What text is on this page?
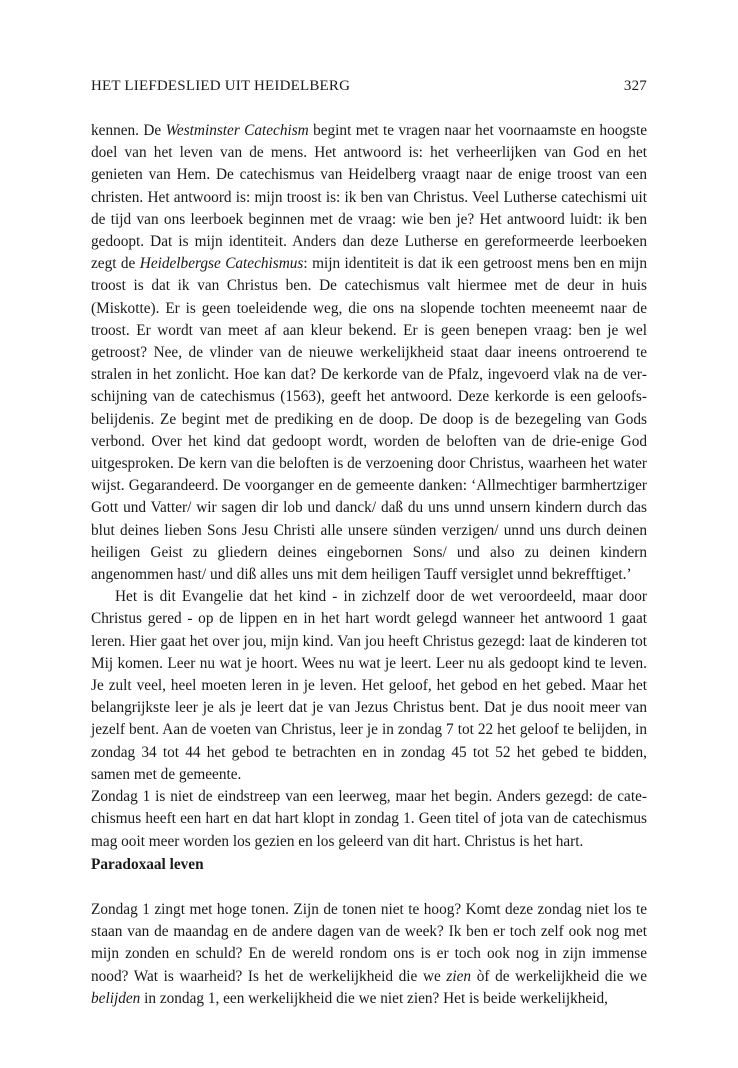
HET LIEFDESLIED UIT HEIDELBERG	327

kennen. De Westminster Catechism begint met te vragen naar het voornaamste en hoogste doel van het leven van de mens. Het antwoord is: het verheerlijken van God en het genieten van Hem. De catechismus van Heidelberg vraagt naar de enige troost van een christen. Het antwoord is: mijn troost is: ik ben van Christus. Veel Lutherse catechismi uit de tijd van ons leerboek beginnen met de vraag: wie ben je? Het antwoord luidt: ik ben gedoopt. Dat is mijn identiteit. Anders dan deze Lutherse en gereformeerde leerboeken zegt de Heidelbergse Catechismus: mijn identiteit is dat ik een getroost mens ben en mijn troost is dat ik van Christus ben. De catechismus valt hiermee met de deur in huis (Miskotte). Er is geen toeleidende weg, die ons na slopende tochten meeneemt naar de troost. Er wordt van meet af aan kleur bekend. Er is geen benepen vraag: ben je wel getroost? Nee, de vlinder van de nieuwe werkelijkheid staat daar ineens ontroerend te stralen in het zonlicht. Hoe kan dat? De kerkorde van de Pfalz, ingevoerd vlak na de verschijning van de catechismus (1563), geeft het antwoord. Deze kerkorde is een geloofsbelijdenis. Ze begint met de prediking en de doop. De doop is de bezegeling van Gods verbond. Over het kind dat gedoopt wordt, worden de beloften van de drie-enige God uitgesproken. De kern van die beloften is de verzoening door Christus, waarheen het water wijst. Gegarandeerd. De voorganger en de gemeente danken: ‘Allmechtiger barmhertziger Gott und Vatter/ wir sagen dir lob und danck/ daß du uns unnd unsern kindern durch das blut deines lieben Sons Jesu Christi alle unsere sünden verzigen/ unnd uns durch deinen heiligen Geist zu gliedern deines eingebornen Sons/ und also zu deinen kindern angenommen hast/ und diß alles uns mit dem heiligen Tauff versiglet unnd bekrefftiget.’

Het is dit Evangelie dat het kind - in zichzelf door de wet veroordeeld, maar door Christus gered - op de lippen en in het hart wordt gelegd wanneer het antwoord 1 gaat leren. Hier gaat het over jou, mijn kind. Van jou heeft Christus gezegd: laat de kinderen tot Mij komen. Leer nu wat je hoort. Wees nu wat je leert. Leer nu als gedoopt kind te leven. Je zult veel, heel moeten leren in je leven. Het geloof, het gebod en het gebed. Maar het belangrijkste leer je als je leert dat je van Jezus Christus bent. Dat je dus nooit meer van jezelf bent. Aan de voeten van Christus, leer je in zondag 7 tot 22 het geloof te belijden, in zondag 34 tot 44 het gebod te betrachten en in zondag 45 tot 52 het gebed te bidden, samen met de gemeente.

Zondag 1 is niet de eindstreep van een leerweg, maar het begin. Anders gezegd: de catechismus heeft een hart en dat hart klopt in zondag 1. Geen titel of jota van de catechismus mag ooit meer worden los gezien en los geleerd van dit hart. Christus is het hart.

Paradoxaal leven

Zondag 1 zingt met hoge tonen. Zijn de tonen niet te hoog? Komt deze zondag niet los te staan van de maandag en de andere dagen van de week? Ik ben er toch zelf ook nog met mijn zonden en schuld? En de wereld rondom ons is er toch ook nog in zijn immense nood? Wat is waarheid? Is het de werkelijkheid die we zien òf de werkelijkheid die we belijden in zondag 1, een werkelijkheid die we niet zien? Het is beide werkelijkheid,
